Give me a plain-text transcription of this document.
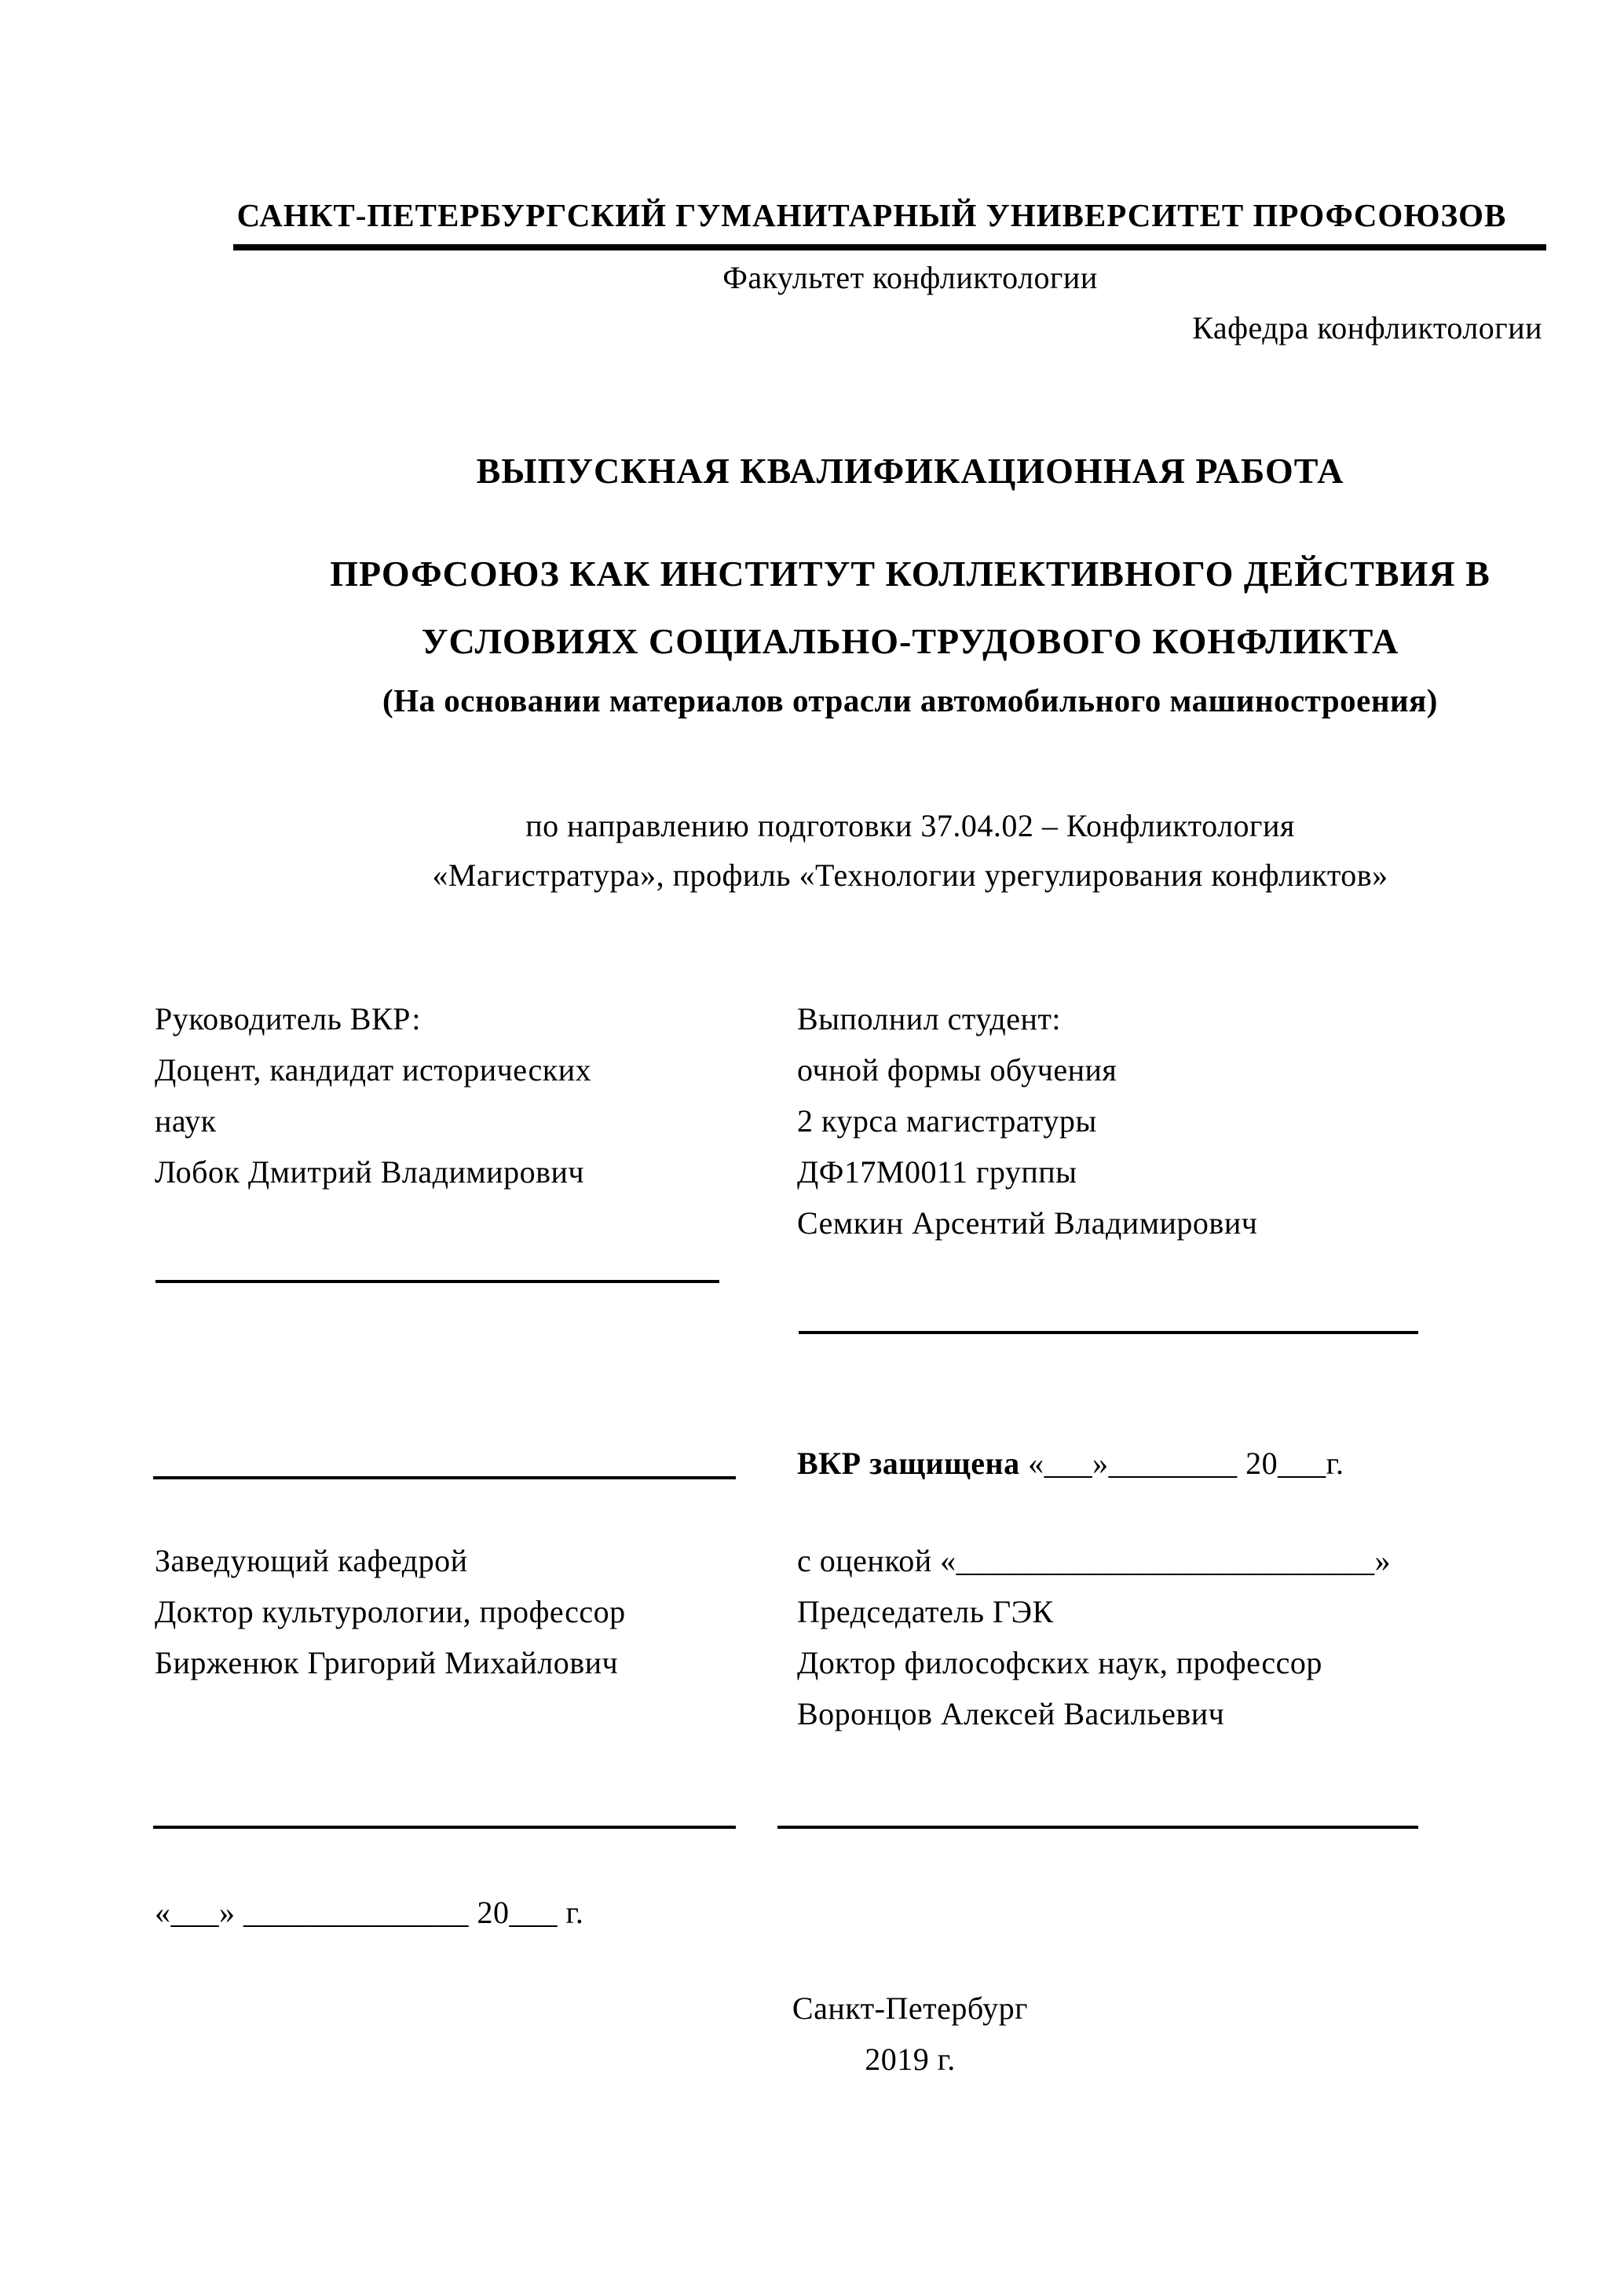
САНКТ-ПЕТЕРБУРГСКИЙ ГУМАНИТАРНЫЙ УНИВЕРСИТЕТ ПРОФСОЮЗОВ
Факультет конфликтологии
Кафедра конфликтологии
ВЫПУСКНАЯ КВАЛИФИКАЦИОННАЯ РАБОТА
ПРОФСОЮЗ КАК ИНСТИТУТ КОЛЛЕКТИВНОГО ДЕЙСТВИЯ В
УСЛОВИЯХ СОЦИАЛЬНО-ТРУДОВОГО КОНФЛИКТА
(На основании материалов отрасли автомобильного машиностроения)
по направлению подготовки 37.04.02 – Конфликтология
«Магистратура», профиль «Технологии урегулирования конфликтов»
Руководитель ВКР:
Доцент, кандидат исторических
наук
Лобок Дмитрий Владимирович
Выполнил студент:
очной формы обучения
2 курса магистратуры
ДФ17М0011 группы
Семкин Арсентий Владимирович
ВКР защищена «___»________ 20___г.
Заведующий кафедрой
Доктор культурологии, профессор
Бирженюк Григорий Михайлович
с оценкой «__________________________»
Председатель ГЭК
Доктор философских наук, профессор
Воронцов Алексей Васильевич
«___» ______________ 20___ г.
Санкт-Петербург
2019 г.
